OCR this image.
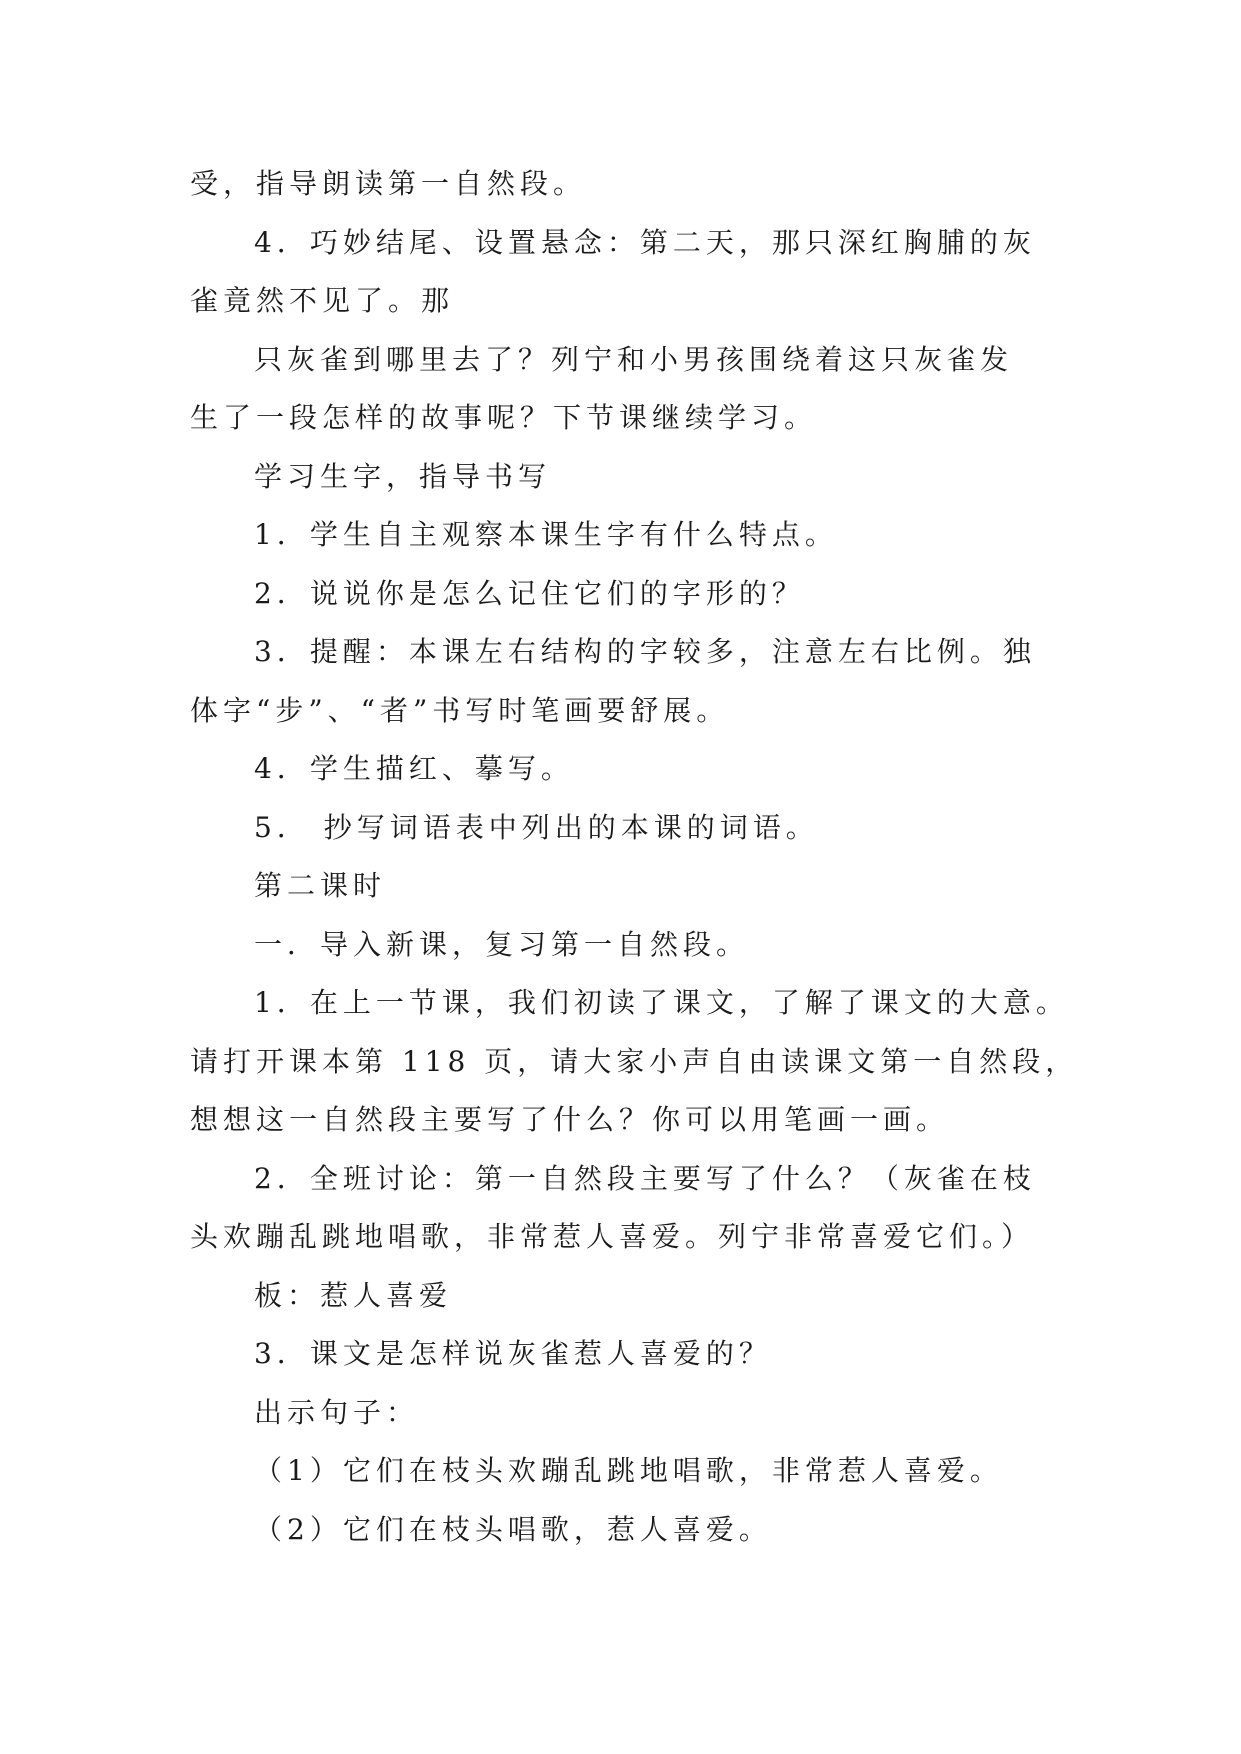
受，指导朗读第一自然段。

4．巧妙结尾、设置悬念：第二天，那只深红胸脯的灰

雀竟然不见了。那

只灰雀到哪里去了？列宁和小男孩围绕着这只灰雀发

生了一段怎样的故事呢？下节课继续学习。

学习生字，指导书写

1．学生自主观察本课生字有什么特点。

2．说说你是怎么记住它们的字形的？

3．提醒：本课左右结构的字较多，注意左右比例。独

体字“步”、“者”书写时笔画要舒展。

4．学生描红、摹写。

5． 抄写词语表中列出的本课的词语。

第二课时

一．导入新课，复习第一自然段。

1．在上一节课，我们初读了课文，了解了课文的大意。

请打开课本第 118 页，请大家小声自由读课文第一自然段，

想想这一自然段主要写了什么？你可以用笔画一画。

2．全班讨论：第一自然段主要写了什么？（灰雀在枝

头欢蹦乱跳地唱歌，非常惹人喜爱。列宁非常喜爱它们。）

板：惹人喜爱

3．课文是怎样说灰雀惹人喜爱的？

出示句子：

（1）它们在枝头欢蹦乱跳地唱歌，非常惹人喜爱。

（2）它们在枝头唱歌，惹人喜爱。
